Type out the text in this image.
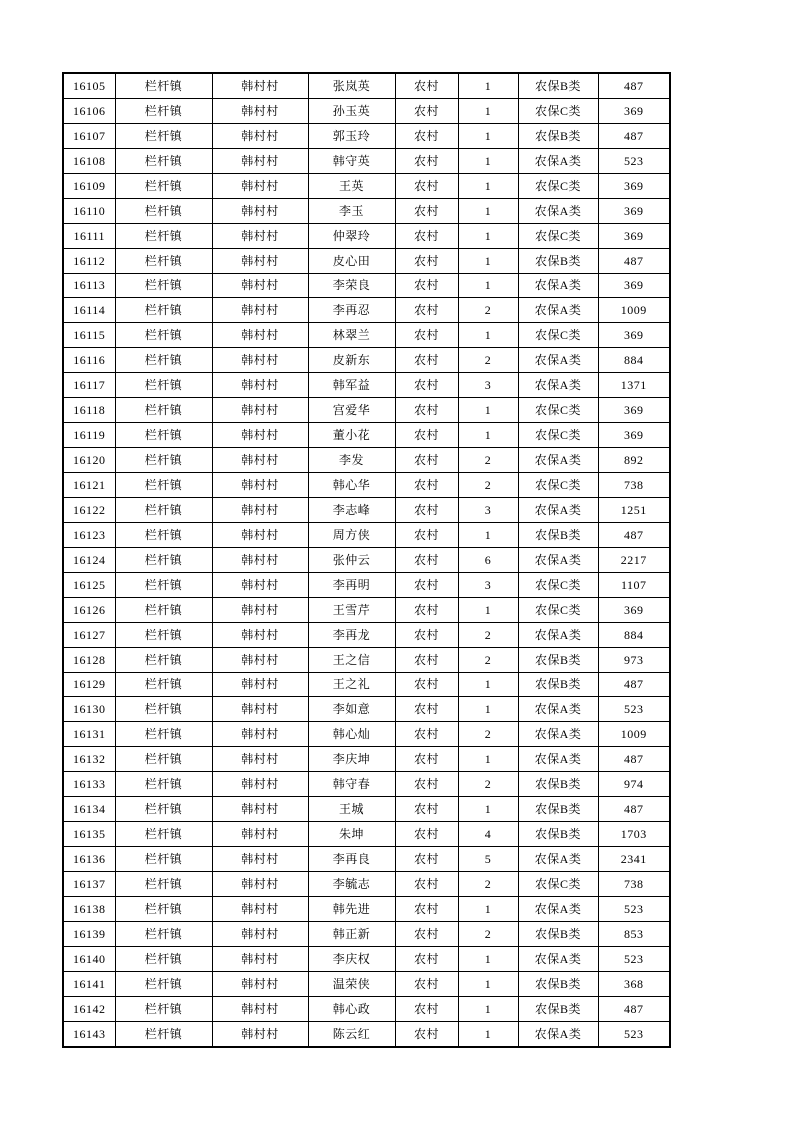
16105	栏杆镇	韩村村	张岚英	农村	1	农保B类	487
16106	栏杆镇	韩村村	孙玉英	农村	1	农保C类	369
16107	栏杆镇	韩村村	郭玉玲	农村	1	农保B类	487
16108	栏杆镇	韩村村	韩守英	农村	1	农保A类	523
16109	栏杆镇	韩村村	王英	农村	1	农保C类	369
16110	栏杆镇	韩村村	李玉	农村	1	农保A类	369
16111	栏杆镇	韩村村	仲翠玲	农村	1	农保C类	369
16112	栏杆镇	韩村村	皮心田	农村	1	农保B类	487
16113	栏杆镇	韩村村	李荣良	农村	1	农保A类	369
16114	栏杆镇	韩村村	李再忍	农村	2	农保A类	1009
16115	栏杆镇	韩村村	林翠兰	农村	1	农保C类	369
16116	栏杆镇	韩村村	皮新东	农村	2	农保A类	884
16117	栏杆镇	韩村村	韩军益	农村	3	农保A类	1371
16118	栏杆镇	韩村村	宫爱华	农村	1	农保C类	369
16119	栏杆镇	韩村村	董小花	农村	1	农保C类	369
16120	栏杆镇	韩村村	李发	农村	2	农保A类	892
16121	栏杆镇	韩村村	韩心华	农村	2	农保C类	738
16122	栏杆镇	韩村村	李志峰	农村	3	农保A类	1251
16123	栏杆镇	韩村村	周方侠	农村	1	农保B类	487
16124	栏杆镇	韩村村	张仲云	农村	6	农保A类	2217
16125	栏杆镇	韩村村	李再明	农村	3	农保C类	1107
16126	栏杆镇	韩村村	王雪芹	农村	1	农保C类	369
16127	栏杆镇	韩村村	李再龙	农村	2	农保A类	884
16128	栏杆镇	韩村村	王之信	农村	2	农保B类	973
16129	栏杆镇	韩村村	王之礼	农村	1	农保B类	487
16130	栏杆镇	韩村村	李如意	农村	1	农保A类	523
16131	栏杆镇	韩村村	韩心灿	农村	2	农保A类	1009
16132	栏杆镇	韩村村	李庆坤	农村	1	农保A类	487
16133	栏杆镇	韩村村	韩守春	农村	2	农保B类	974
16134	栏杆镇	韩村村	王城	农村	1	农保B类	487
16135	栏杆镇	韩村村	朱坤	农村	4	农保B类	1703
16136	栏杆镇	韩村村	李再良	农村	5	农保A类	2341
16137	栏杆镇	韩村村	李毓志	农村	2	农保C类	738
16138	栏杆镇	韩村村	韩先进	农村	1	农保A类	523
16139	栏杆镇	韩村村	韩正新	农村	2	农保B类	853
16140	栏杆镇	韩村村	李庆权	农村	1	农保A类	523
16141	栏杆镇	韩村村	温荣侠	农村	1	农保B类	368
16142	栏杆镇	韩村村	韩心政	农村	1	农保B类	487
16143	栏杆镇	韩村村	陈云红	农村	1	农保A类	523
